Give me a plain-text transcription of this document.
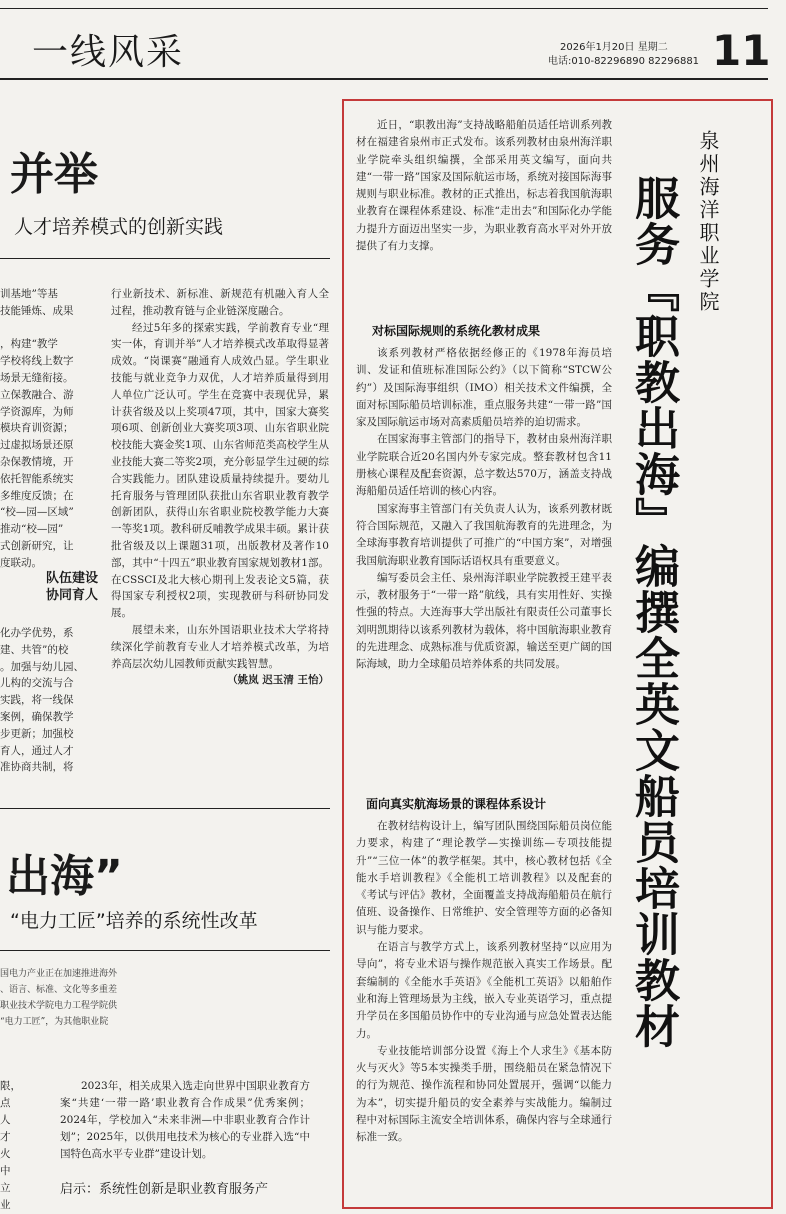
一线风采	2026年1月20日 星期二
电话:010-82296890 82296881 11
并举
人才培养模式的创新实践
训基地”等基
技能锤炼、成果

，构建“教学
学校将线上数字
场景无缝衔接。
立保教融合、游
学资源库，为师
模块育训资源；
过虚拟场景还原
杂保教情境，开
依托智能系统实
多维度反馈；在
“校—园—区域”
推动“校—园”
式创新研究，让
度联动。
队伍建设
协同育人
化办学优势，系
建、共管”的校
。加强与幼儿园、
儿构的交流与合
实践，将一线保
案例，确保教学
步更新；加强校
育人，通过人才
准协商共制，将

行业新技术、新标准、新规范有机融入育人全过程，推动教育链与企业链深度融合。

经过5年多的探索实践，学前教育专业“理实一体，育训并举”人才培养模式改革取得显著成效。“岗课赛”融通育人成效凸显。学生职业技能与就业竞争力双优，人才培养质量得到用人单位广泛认可。学生在竞赛中表现优异，累计获省级及以上奖项47项，其中，国家大赛奖项6项、创新创业大赛奖项3项、山东省职业院校技能大赛金奖1项、山东省师范类高校学生从业技能大赛二等奖2项，充分彰显学生过硬的综合实践能力。团队建设质量持续提升。要幼儿托育服务与管理团队获批山东省职业教育教学创新团队，获得山东省职业院校教学能力大赛一等奖1项。教科研反哺教学成果丰硕。累计获批省级及以上课题31项，出版教材及著作10部，其中“十四五”职业教育国家规划教材1部。在CSSCI及北大核心期刊上发表论文5篇，获得国家专利授权2项，实现教研与科研协同发展。

展望未来，山东外国语职业技术大学将持续深化学前教育专业人才培养模式改革，为培养高层次幼儿园教师贡献实践智慧。

（姚岚 迟玉清 王怡）
出海”
“电力工匠”培养的系统性改革
国电力产业正在加速推进海外
、语言、标准、文化等多重差
职业技术学院电力工程学院供
“电力工匠”，为其他职业院
限，
点
人
才
火
中
立
业

2023年，相关成果入选走向世界中国职业教育方案“共建‘一带一路’职业教育合作成果”优秀案例；2024年，学校加入“未来非洲—中非职业教育合作计划”；2025年，以供用电技术为核心的专业群入选“中国特色高水平专业群”建设计划。

启示：系统性创新是职业教育服务产

近日，“职教出海”支持战略船舶员适任培训系列教材在福建省泉州市正式发布。该系列教材由泉州海洋职业学院牵头组织编撰，全部采用英文编写，面向共建“一带一路”国家及国际航运市场，系统对接国际海事规则与职业标准。教材的正式推出，标志着我国航海职业教育在课程体系建设、标准“走出去”和国际化办学能力提升方面迈出坚实一步，为职业教育高水平对外开放提供了有力支撑。

对标国际规则的系统化教材成果

该系列教材严格依据经修正的《1978年海员培训、发证和值班标准国际公约》（以下简称“STCW公约”）及国际海事组织（IMO）相关技术文件编撰，全面对标国际船员培训标准，重点服务共建“一带一路”国家及国际航运市场对高素质船员培养的迫切需求。

在国家海事主管部门的指导下，教材由泉州海洋职业学院联合近20名国内外专家完成。整套教材包含11册核心课程及配套资源，总字数达570万，涵盖支持战海船船员适任培训的核心内容。

国家海事主管部门有关负责人认为，该系列教材既符合国际规范，又融入了我国航海教育的先进理念，为全球海事教育培训提供了可推广的“中国方案”，对增强我国航海职业教育国际话语权具有重要意义。

编写委员会主任、泉州海洋职业学院教授王建平表示，教材服务于“一带一路”航线，具有实用性好、实操性强的特点。大连海事大学出版社有限责任公司董事长刘明凯期待以该系列教材为载体，将中国航海职业教育的先进理念、成熟标准与优质资源，输送至更广阔的国际海域，助力全球船员培养体系的共同发展。

面向真实航海场景的课程体系设计

在教材结构设计上，编写团队围绕国际船员岗位能力要求，构建了“理论教学—实操训练—专项技能提升”“三位一体”的教学框架。其中，核心教材包括《全能水手培训教程》《全能机工培训教程》以及配套的《考试与评估》教材，全面覆盖支持战海船船员在航行值班、设备操作、日常维护、安全管理等方面的必备知识与能力要求。

在语言与教学方式上，该系列教材坚持“以应用为导向”，将专业术语与操作规范嵌入真实工作场景。配套编制的《全能水手英语》《全能机工英语》以船舶作业和海上管理场景为主线，嵌入专业英语学习，重点提升学员在多国船员协作中的专业沟通与应急处置表达能力。

专业技能培训部分设置《海上个人求生》《基本防火与灭火》等5本实操类手册，围绕船员在紧急情况下的行为规范、操作流程和协同处置展开，强调“以能力为本”，切实提升船员的安全素养与实战能力。编制过程中对标国际主流安全培训体系，确保内容与全球通行标准一致。

泉州海洋职业学院
服务『职教出海』编撰全英文船员培训教材
